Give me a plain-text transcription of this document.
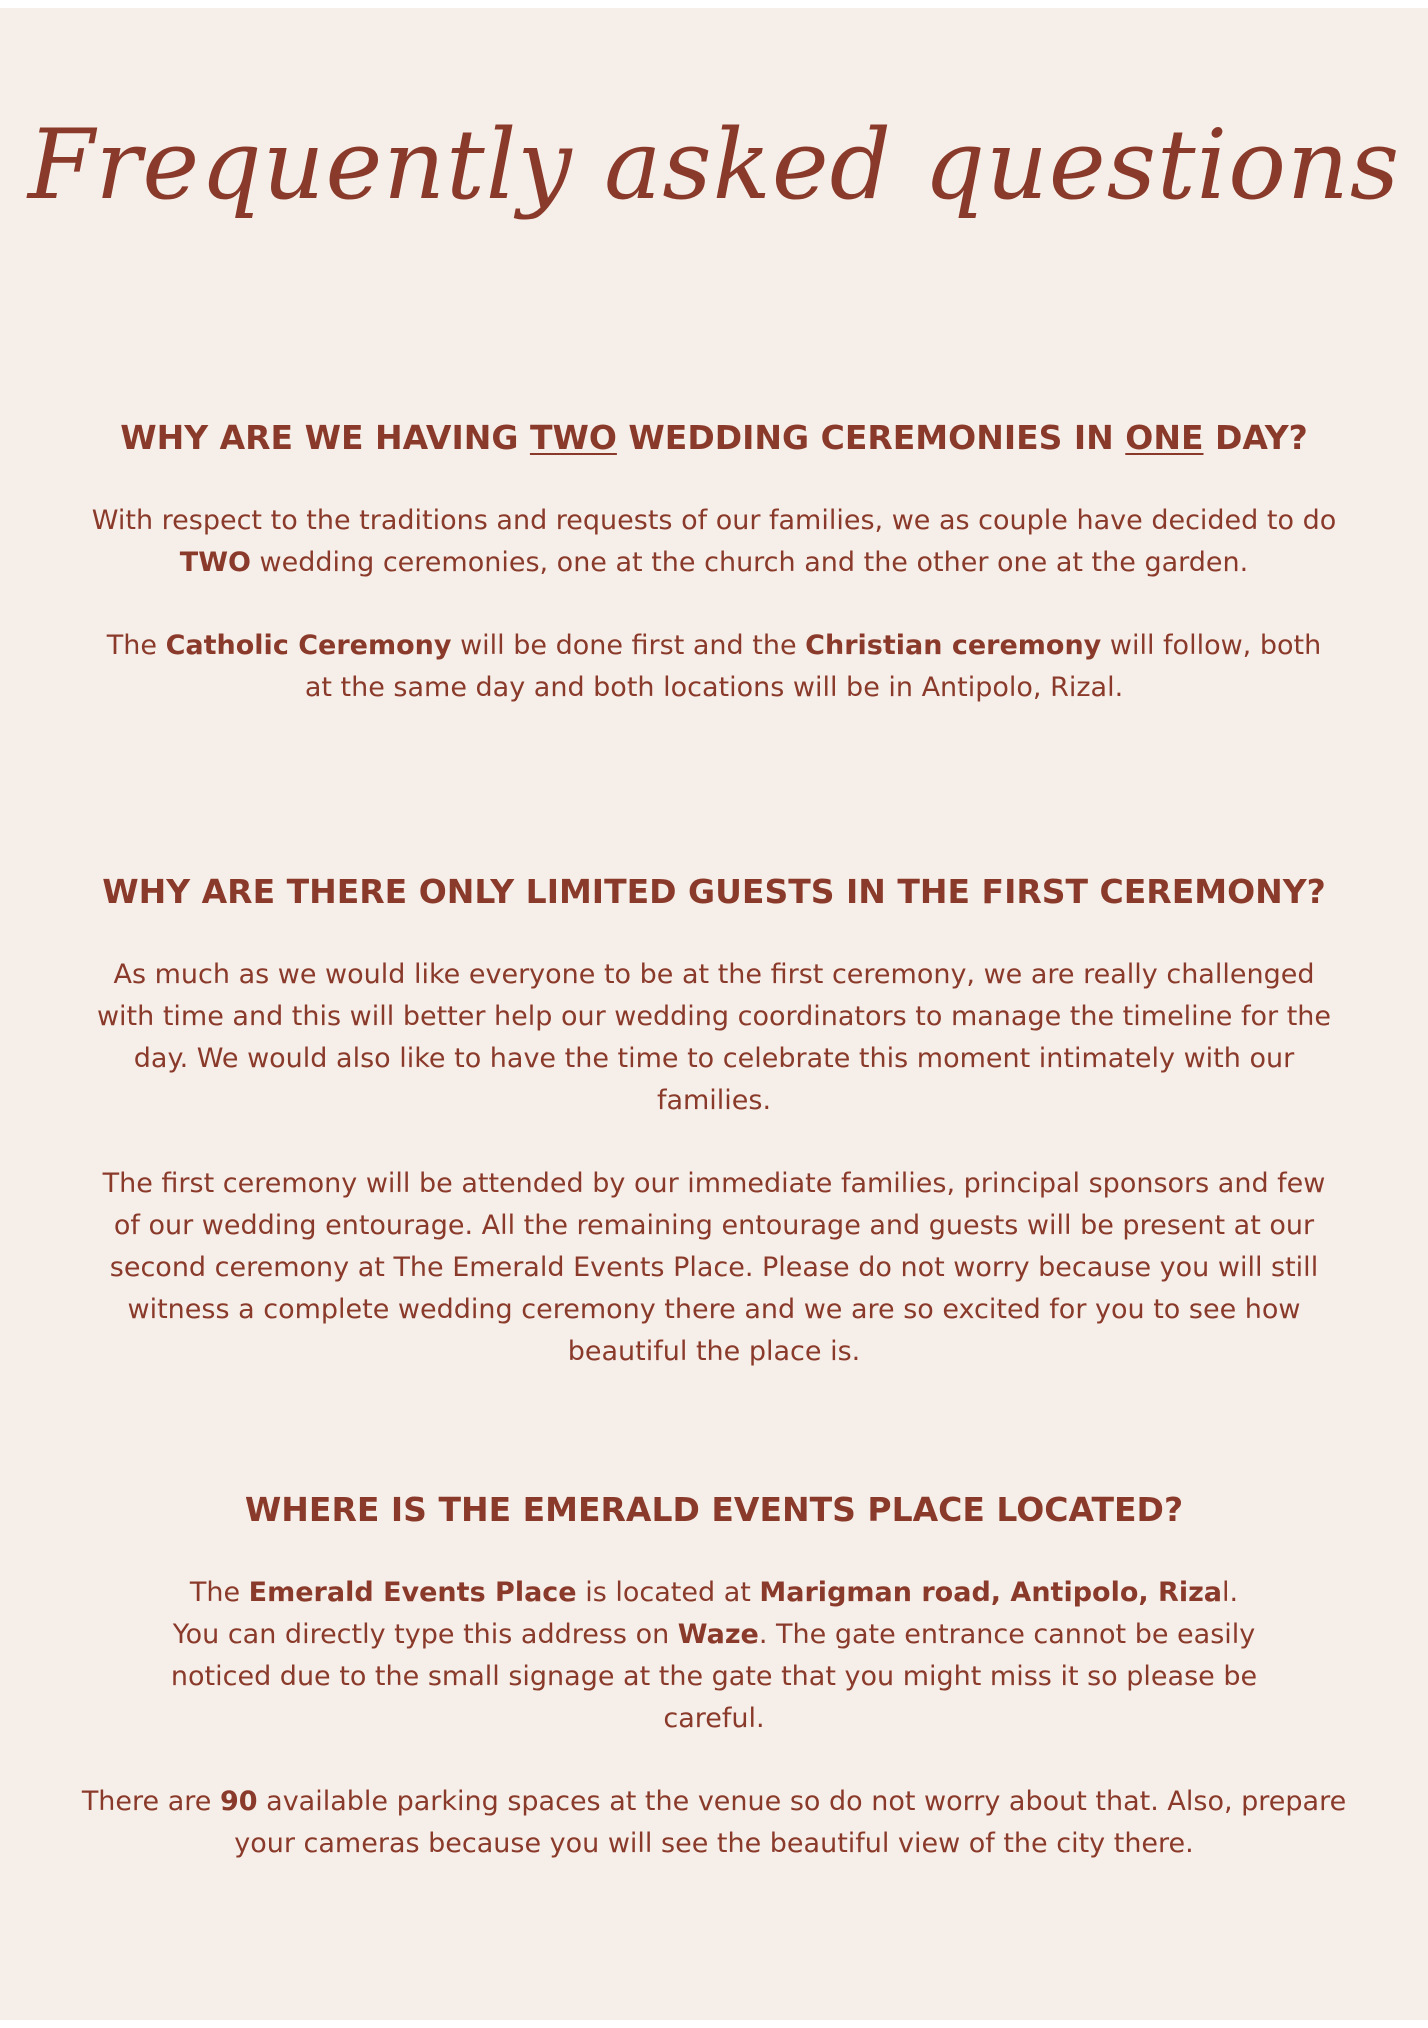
Frequently asked questions
WHY ARE WE HAVING TWO WEDDING CEREMONIES IN ONE DAY?

With respect to the traditions and requests of our families, we as couple have decided to do TWO wedding ceremonies, one at the church and the other one at the garden.

The Catholic Ceremony will be done first and the Christian ceremony will follow, both at the same day and both locations will be in Antipolo, Rizal.

WHY ARE THERE ONLY LIMITED GUESTS IN THE FIRST CEREMONY?

As much as we would like everyone to be at the first ceremony, we are really challenged with time and this will better help our wedding coordinators to manage the timeline for the day. We would also like to have the time to celebrate this moment intimately with our families.

The first ceremony will be attended by our immediate families, principal sponsors and few of our wedding entourage. All the remaining entourage and guests will be present at our second ceremony at The Emerald Events Place. Please do not worry because you will still witness a complete wedding ceremony there and we are so excited for you to see how beautiful the place is.

WHERE IS THE EMERALD EVENTS PLACE LOCATED?

The Emerald Events Place is located at Marigman road, Antipolo, Rizal.
You can directly type this address on Waze. The gate entrance cannot be easily noticed due to the small signage at the gate that you might miss it so please be careful.

There are 90 available parking spaces at the venue so do not worry about that. Also, prepare your cameras because you will see the beautiful view of the city there.
